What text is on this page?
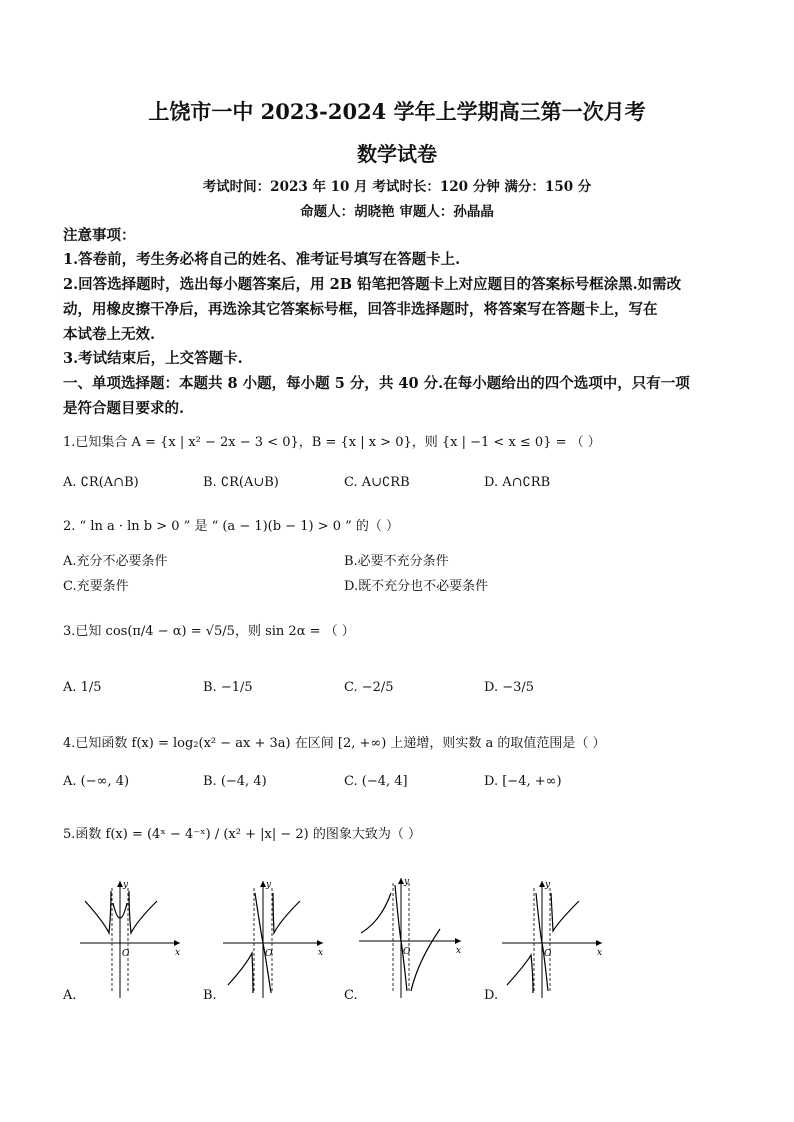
上饶市一中 2023-2024 学年上学期高三第一次月考
数学试卷
考试时间：2023 年 10 月 考试时长：120 分钟 满分：150 分
命题人：胡晓艳 审题人：孙晶晶
注意事项：
1.答卷前，考生务必将自己的姓名、准考证号填写在答题卡上.
2.回答选择题时，选出每小题答案后，用 2B 铅笔把答题卡上对应题目的答案标号框涂黑.如需改
动，用橡皮擦干净后，再选涂其它答案标号框，回答非选择题时，将答案写在答题卡上，写在
本试卷上无效.
3.考试结束后，上交答题卡.
一、单项选择题：本题共 8 小题，每小题 5 分，共 40 分.在每小题给出的四个选项中，只有一项
是符合题目要求的.
1.已知集合 A = {x | x² − 2x − 3 < 0}，B = {x | x > 0}，则 {x | −1 < x ≤ 0} = （ ）
A. ∁R(A∩B)	B. ∁R(A∪B)	C. A∪∁RB	D. A∩∁RB
2. “ ln a · ln b > 0 ” 是 “ (a − 1)(b − 1) > 0 ” 的（ ）
A.充分不必要条件	B.必要不充分条件
C.充要条件	D.既不充分也不必要条件
3.已知 cos(π/4 − α) = √5/5，则 sin 2α = （ ）
A. 1/5	B. −1/5	C. −2/5	D. −3/5
4.已知函数 f(x) = log₂(x² − ax + 3a) 在区间 [2, +∞) 上递增，则实数 a 的取值范围是（ ）
A. (−∞, 4)	B. (−4, 4)	C. (−4, 4]	D. [−4, +∞)
5.函数 f(x) = (4ˣ − 4⁻ˣ) / (x² + |x| − 2) 的图象大致为（ ）
O
y
x	O
y
x	O
y
x	O
y
x
A.	B.	C.	D.
